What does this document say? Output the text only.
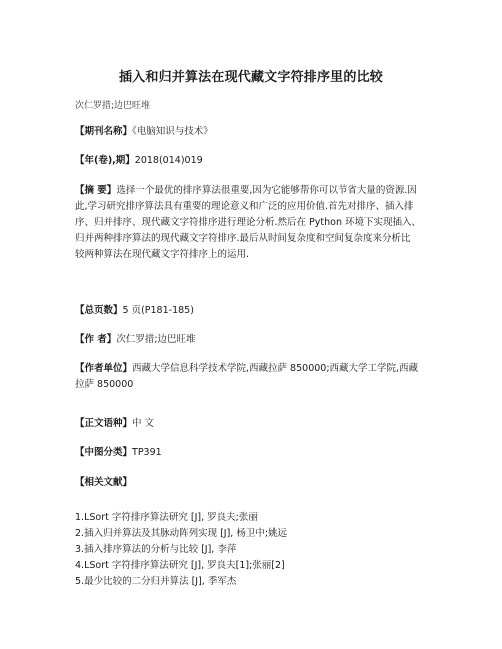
插入和归并算法在现代藏文字符排序里的比较
次仁罗措;边巴旺堆
【期刊名称】《电脑知识与技术》
【年(卷),期】2018(014)019
【摘 要】选择一个最优的排序算法很重要,因为它能够帮你可以节省大量的资源.因
此,学习研究排序算法具有重要的理论意义和广泛的应用价值.首先对排序、插入排
序、归并排序、现代藏文字符排序进行理论分析.然后在 Python 环境下实现插入、
归并两种排序算法的现代藏文字符排序.最后从时间复杂度和空间复杂度来分析比
较两种算法在现代藏文字符排序上的运用.
【总页数】5 页(P181-185)
【作 者】次仁罗措;边巴旺堆
【作者单位】西藏大学信息科学技术学院,西藏拉萨 850000;西藏大学工学院,西藏
拉萨 850000
【正文语种】中 文
【中图分类】TP391
【相关文献】
1.LSort 字符排序算法研究 [J], 罗良夫;张丽
2.插入归并算法及其脉动阵列实现 [J], 杨卫中;姚远
3.插入排序算法的分析与比较 [J], 李萍
4.LSort 字符排序算法研究 [J], 罗良夫[1];张丽[2]
5.最少比较的二分归并算法 [J], 季军杰
